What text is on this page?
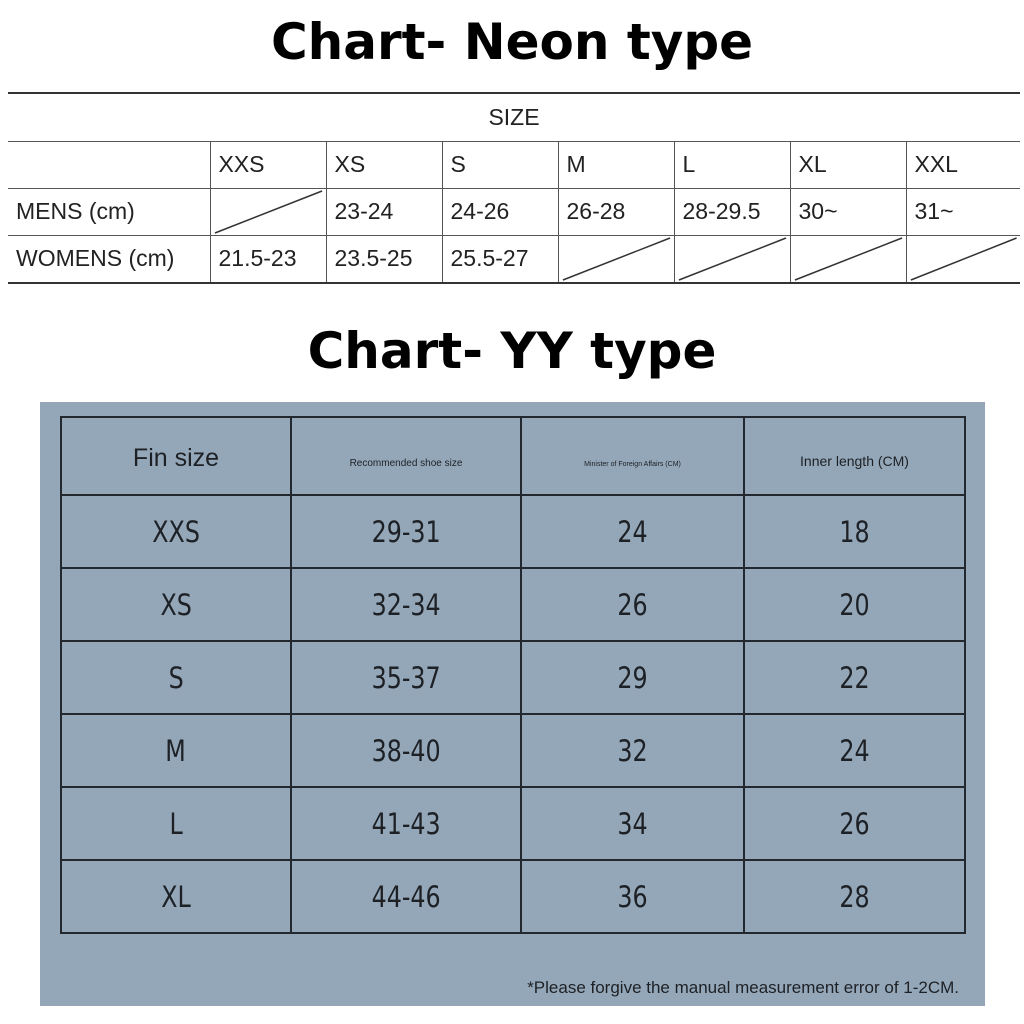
Chart- Neon type
SIZE							
	XXS	XS	S	M	L	XL	XXL
MENS (cm)		23-24	24-26	26-28	28-29.5	30~	31~
WOMENS (cm)	21.5-23	23.5-25	25.5-27	

Chart- YY type
Fin size	Recommended shoe size	Minister of Foreign Affairs (CM)	Inner length (CM)
XXS	29-31	24	18
XS	32-34	26	20
S	35-37	29	22
M	38-40	32	24
L	41-43	34	26
XL	44-46	36	28
*Please forgive the manual measurement error of 1-2CM.
